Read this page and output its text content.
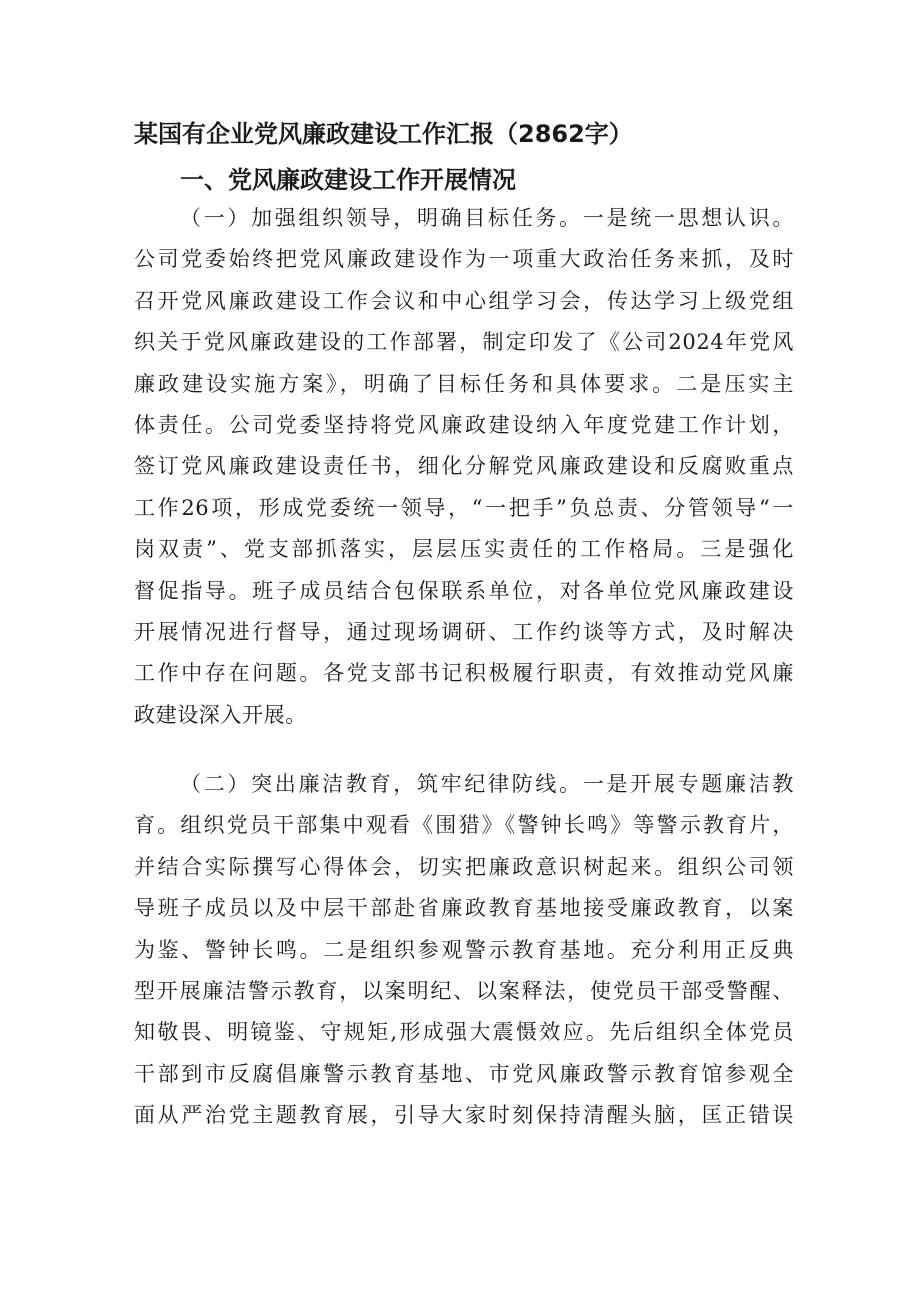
某国有企业党风廉政建设工作汇报（2862字）
一、党风廉政建设工作开展情况
（一）加强组织领导，明确目标任务。一是统一思想认识。
公司党委始终把党风廉政建设作为一项重大政治任务来抓，及时
召开党风廉政建设工作会议和中心组学习会，传达学习上级党组
织关于党风廉政建设的工作部署，制定印发了《公司2024年党风
廉政建设实施方案》，明确了目标任务和具体要求。二是压实主
体责任。公司党委坚持将党风廉政建设纳入年度党建工作计划，
签订党风廉政建设责任书，细化分解党风廉政建设和反腐败重点
工作26项，形成党委统一领导，“一把手”负总责、分管领导“一
岗双责”、党支部抓落实，层层压实责任的工作格局。三是强化
督促指导。班子成员结合包保联系单位，对各单位党风廉政建设
开展情况进行督导，通过现场调研、工作约谈等方式，及时解决
工作中存在问题。各党支部书记积极履行职责，有效推动党风廉
政建设深入开展。
（二）突出廉洁教育，筑牢纪律防线。一是开展专题廉洁教
育。组织党员干部集中观看《围猎》《警钟长鸣》等警示教育片，
并结合实际撰写心得体会，切实把廉政意识树起来。组织公司领
导班子成员以及中层干部赴省廉政教育基地接受廉政教育，以案
为鉴、警钟长鸣。二是组织参观警示教育基地。充分利用正反典
型开展廉洁警示教育，以案明纪、以案释法，使党员干部受警醒、
知敬畏、明镜鉴、守规矩,形成强大震慑效应。先后组织全体党员
干部到市反腐倡廉警示教育基地、市党风廉政警示教育馆参观全
面从严治党主题教育展，引导大家时刻保持清醒头脑，匡正错误
